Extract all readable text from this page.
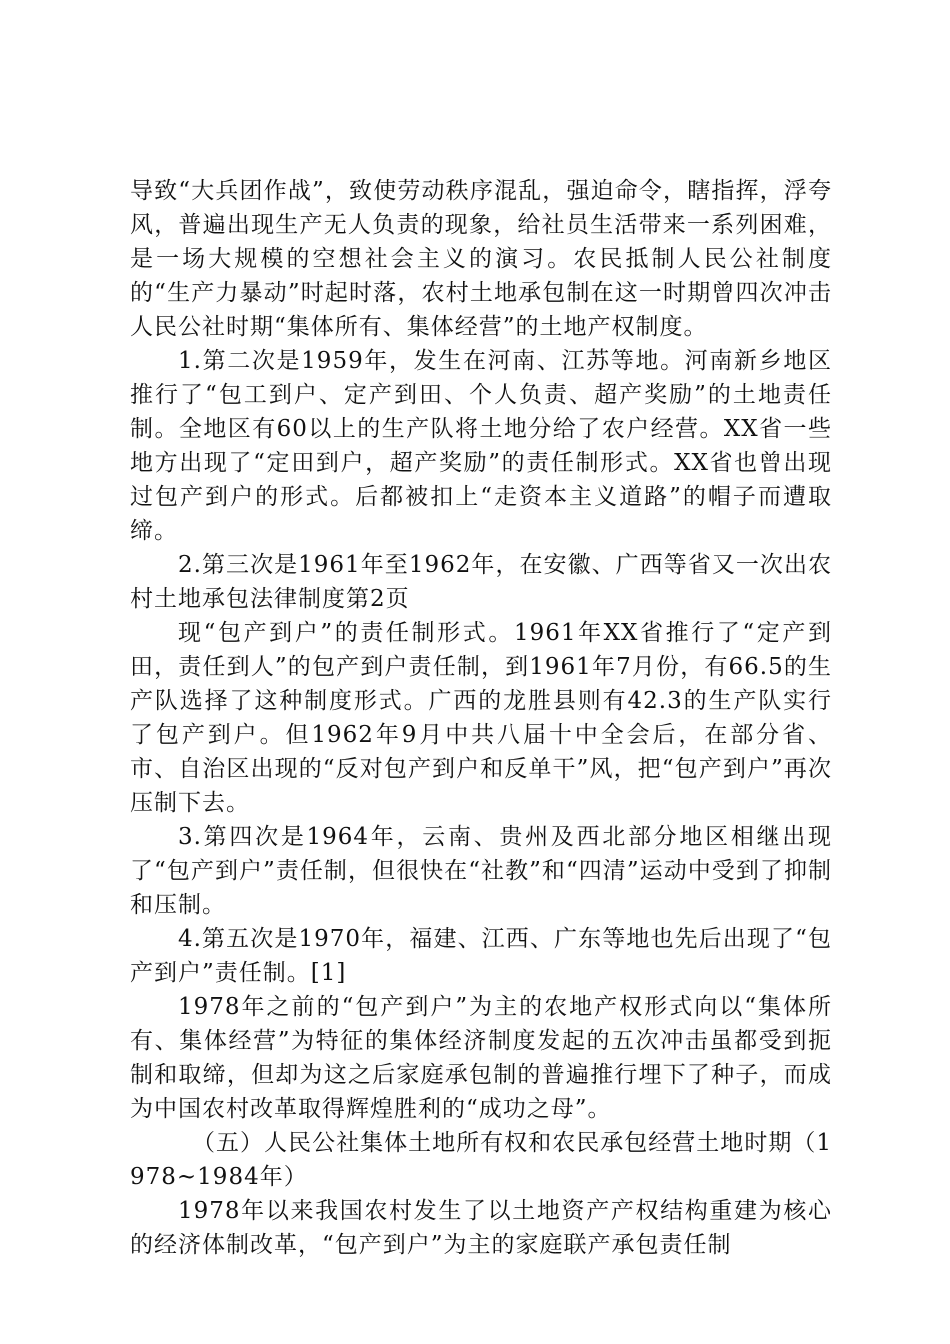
导致“大兵团作战”，致使劳动秩序混乱，强迫命令，瞎指挥，浮夸风，普遍出现生产无人负责的现象，给社员生活带来一系列困难，是一场大规模的空想社会主义的演习。农民抵制人民公社制度的“生产力暴动”时起时落，农村土地承包制在这一时期曾四次冲击人民公社时期“集体所有、集体经营”的土地产权制度。

1.第二次是1959年，发生在河南、江苏等地。河南新乡地区推行了“包工到户、定产到田、个人负责、超产奖励”的土地责任制。全地区有60以上的生产队将土地分给了农户经营。XX省一些地方出现了“定田到户，超产奖励”的责任制形式。XX省也曾出现过包产到户的形式。后都被扣上“走资本主义道路”的帽子而遭取缔。

2.第三次是1961年至1962年，在安徽、广西等省又一次出农村土地承包法律制度第2页

现“包产到户”的责任制形式。1961年XX省推行了“定产到田，责任到人”的包产到户责任制，到1961年7月份，有66.5的生产队选择了这种制度形式。广西的龙胜县则有42.3的生产队实行了包产到户。但1962年9月中共八届十中全会后，在部分省、市、自治区出现的“反对包产到户和反单干”风，把“包产到户”再次压制下去。

3.第四次是1964年，云南、贵州及西北部分地区相继出现了“包产到户”责任制，但很快在“社教”和“四清”运动中受到了抑制和压制。

4.第五次是1970年，福建、江西、广东等地也先后出现了“包产到户”责任制。[1]

1978年之前的“包产到户”为主的农地产权形式向以“集体所有、集体经营”为特征的集体经济制度发起的五次冲击虽都受到扼制和取缔，但却为这之后家庭承包制的普遍推行埋下了种子，而成为中国农村改革取得辉煌胜利的“成功之母”。

（五）人民公社集体土地所有权和农民承包经营土地时期（1978~1984年）

1978年以来我国农村发生了以土地资产产权结构重建为核心的经济体制改革，“包产到户”为主的家庭联产承包责任制
